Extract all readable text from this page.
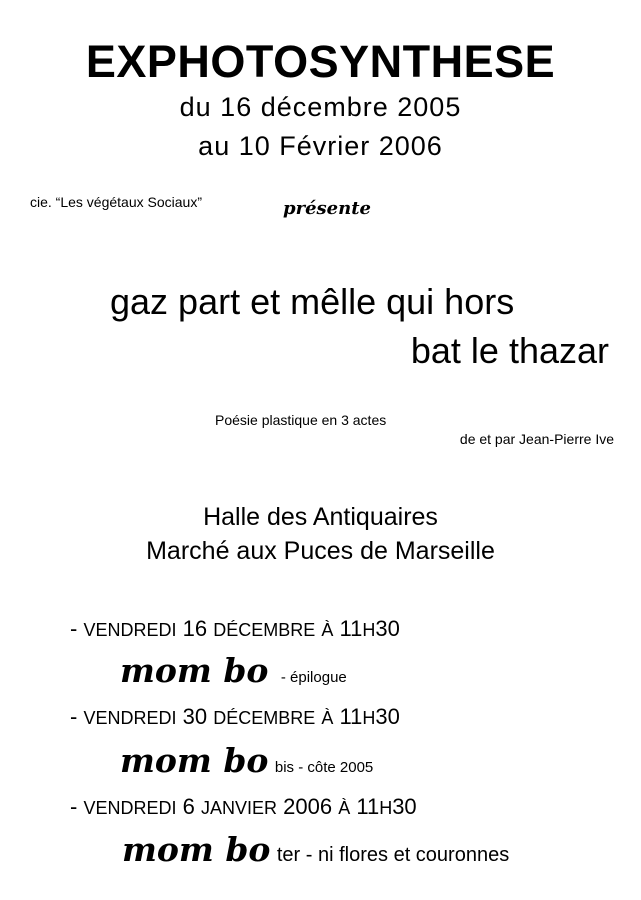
EXPHOTOSYNTHESE
du 16 décembre 2005
au 10 Février 2006
cie. “Les végétaux Sociaux”	présente
gaz part et mêlle qui hors
bat le thazar
Poésie plastique en 3 actes
de et par Jean-Pierre Ive
Halle des Antiquaires
Marché aux Puces de Marseille
- VENDREDI 16 DÉCEMBRE À 11H30
mom bo - épilogue
- VENDREDI 30 DÉCEMBRE À 11H30
mom bo bis - côte 2005
- VENDREDI 6 JANVIER 2006 À 11H30
mom bo ter - ni flores et couronnes
